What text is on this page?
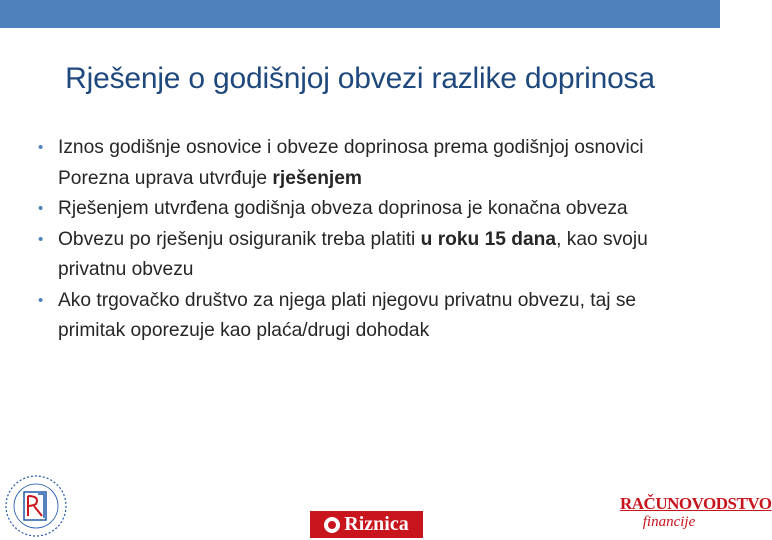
Rješenje o godišnjoj obvezi razlike doprinosa
• Iznos godišnje osnovice i obveze doprinosa prema godišnjoj osnovici Porezna uprava utvrđuje rješenjem
• Rješenjem utvrđena godišnja obveza doprinosa je konačna obveza
• Obvezu po rješenju osiguranik treba platiti u roku 15 dana, kao svoju privatnu obvezu
• Ako trgovačko društvo za njega plati njegovu privatnu obvezu, taj se primitak oporezuje kao plaća/drugi dohodak
Riznica
RAČUNOVODSTVO
financije
